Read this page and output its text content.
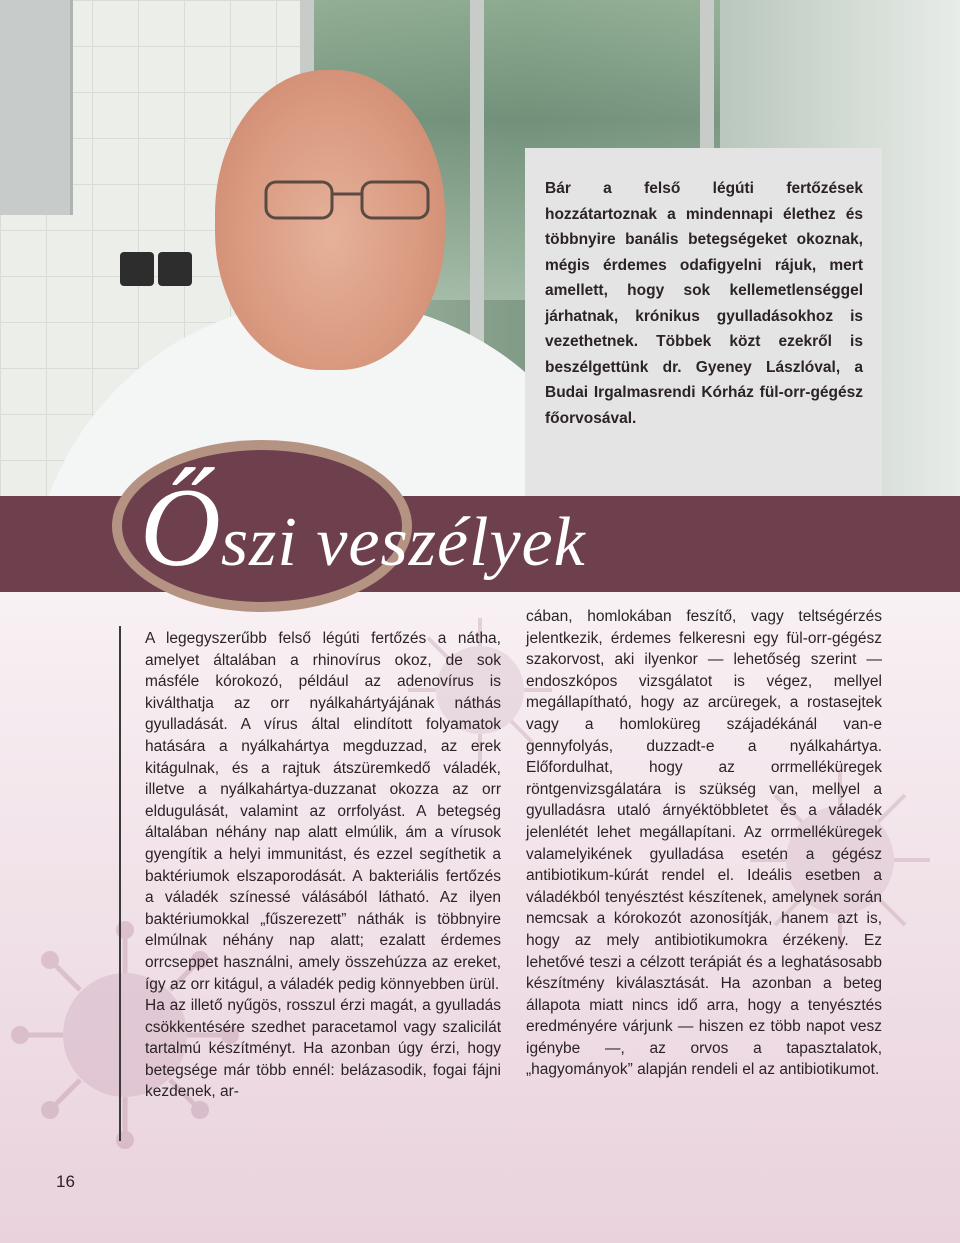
Bár a felső légúti fertőzések hozzátartoznak a mindennapi élethez és többnyire banális betegségeket okoznak, mégis érdemes odafigyelni rájuk, mert amellett, hogy sok kellemetlenséggel járhatnak, krónikus gyulladásokhoz is vezethetnek. Többek közt ezekről is beszélgettünk dr. Gyeney Lászlóval, a Budai Irgalmasrendi Kórház fül-orr-gégész főorvosával.
Őszi veszélyek

A legegyszerűbb felső légúti fertőzés a nátha, amelyet általában a rhinovírus okoz, de sok másféle kórokozó, például az adenovírus is kiválthatja az orr nyálkahártyájának náthás gyulladását. A vírus által elindított folyamatok hatására a nyálkahártya megduzzad, az erek kitágulnak, és a rajtuk átszüremkedő váladék, illetve a nyálkahártya-duzzanat okozza az orr eldugulását, valamint az orrfolyást. A betegség általában néhány nap alatt elmúlik, ám a vírusok gyengítik a helyi immunitást, és ezzel segíthetik a baktériumok elszaporodását. A bakteriális fertőzés a váladék színessé válásából látható. Az ilyen baktériumokkal „fűszerezett” náthák is többnyire elmúlnak néhány nap alatt; ezalatt érdemes orrcseppet használni, amely összehúzza az ereket, így az orr kitágul, a váladék pedig könnyebben ürül.

Ha az illető nyűgös, rosszul érzi magát, a gyulladás csökkentésére szedhet paracetamol vagy szalicilát tartalmú készítményt. Ha azonban úgy érzi, hogy betegsége már több ennél: belázasodik, fogai fájni kezdenek, ar-

cában, homlokában feszítő, vagy teltségérzés jelentkezik, érdemes felkeresni egy fül-orr-gégész szakorvost, aki ilyenkor — lehetőség szerint — endoszkópos vizsgálatot is végez, mellyel megállapítható, hogy az arcüregek, a rostasejtek vagy a homloküreg szájadékánál van-e gennyfolyás, duzzadt-e a nyálkahártya. Előfordulhat, hogy az orrmelléküregek röntgenvizsgálatára is szükség van, mellyel a gyulladásra utaló árnyéktöbbletet és a váladék jelenlétét lehet megállapítani. Az orrmelléküregek valamelyikének gyulladása esetén a gégész antibiotikum-kúrát rendel el. Ideális esetben a váladékból tenyésztést készítenek, amelynek során nemcsak a kórokozót azonosítják, hanem azt is, hogy az mely antibiotikumokra érzékeny. Ez lehetővé teszi a célzott terápiát és a leghatásosabb készítmény kiválasztását. Ha azonban a beteg állapota miatt nincs idő arra, hogy a tenyésztés eredményére várjunk — hiszen ez több napot vesz igénybe —, az orvos a tapasztalatok, „hagyományok” alapján rendeli el az antibiotikumot.

16
